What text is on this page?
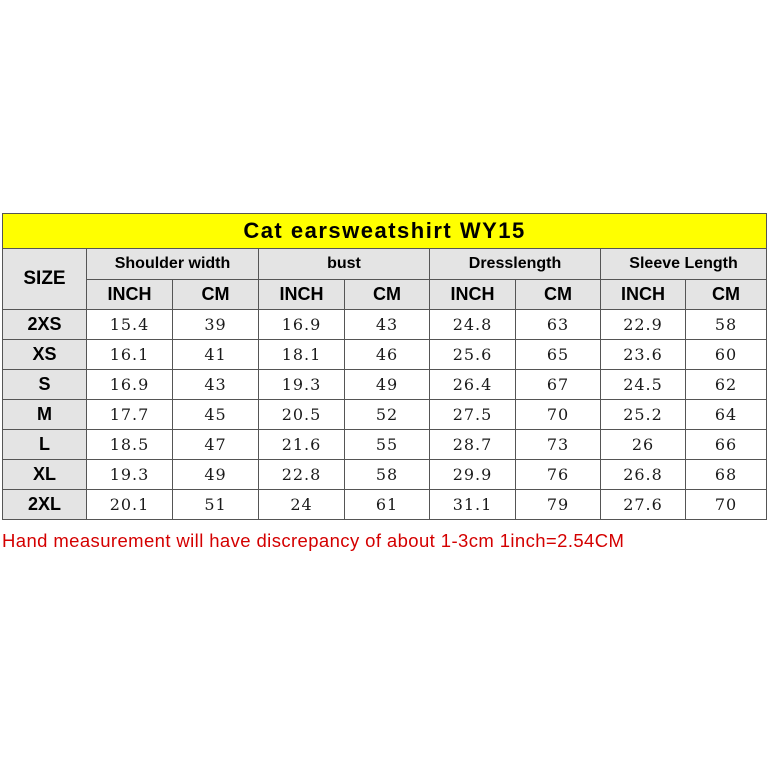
Cat earsweatshirt WY15								
SIZE	Shoulder width		bust		Dresslength		Sleeve Length	
	INCH	CM	INCH	CM	INCH	CM	INCH	CM
2XS	15.4	39	16.9	43	24.8	63	22.9	58
XS	16.1	41	18.1	46	25.6	65	23.6	60
S	16.9	43	19.3	49	26.4	67	24.5	62
M	17.7	45	20.5	52	27.5	70	25.2	64
L	18.5	47	21.6	55	28.7	73	26	66
XL	19.3	49	22.8	58	29.9	76	26.8	68
2XL	20.1	51	24	61	31.1	79	27.6	70
Hand measurement will have discrepancy of about 1-3cm 1inch=2.54CM
